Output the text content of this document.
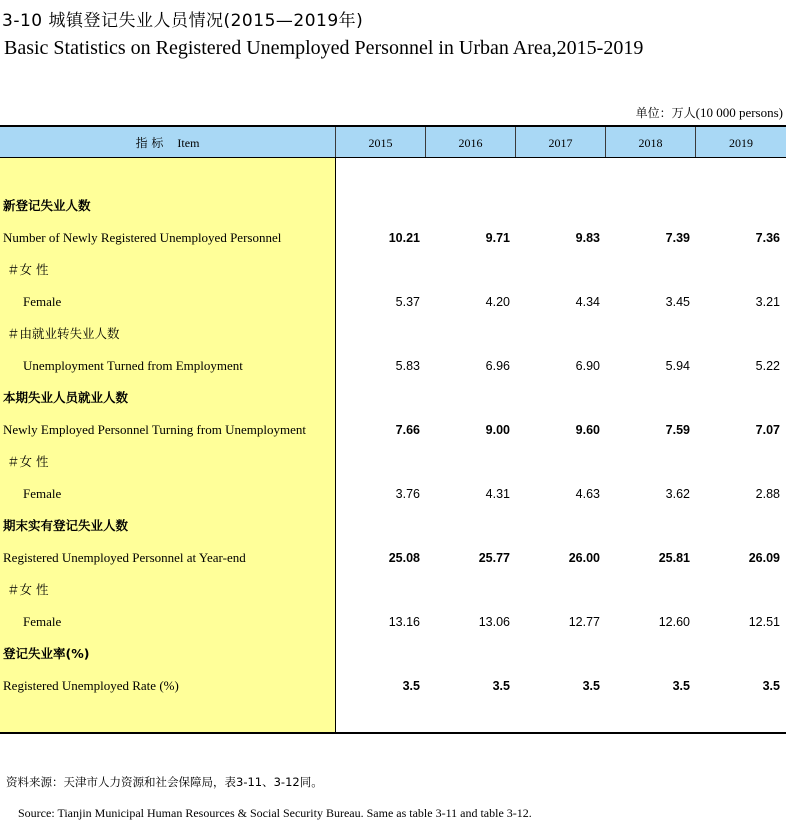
3-10 城镇登记失业人员情况(2015—2019年)
Basic Statistics on Registered Unemployed Personnel in Urban Area,2015-2019
单位：万人(10 000 persons)
指 标 Item	2015	2016	2017	2018	2019
新登记失业人数
Number of Newly Registered Unemployed Personnel	10.21	9.71	9.83	7.39	7.36
＃女 性
Female	5.37	4.20	4.34	3.45	3.21
＃由就业转失业人数
Unemployment Turned from Employment	5.83	6.96	6.90	5.94	5.22
本期失业人员就业人数
Newly Employed Personnel Turning from Unemployment	7.66	9.00	9.60	7.59	7.07
＃女 性
Female	3.76	4.31	4.63	3.62	2.88
期末实有登记失业人数
Registered Unemployed Personnel at Year-end	25.08	25.77	26.00	25.81	26.09
＃女 性
Female	13.16	13.06	12.77	12.60	12.51
登记失业率(%)
Registered Unemployed Rate (%)	3.5	3.5	3.5	3.5	3.5
资料来源：天津市人力资源和社会保障局，表3-11、3-12同。
Source: Tianjin Municipal Human Resources & Social Security Bureau. Same as table 3-11 and table 3-12.
